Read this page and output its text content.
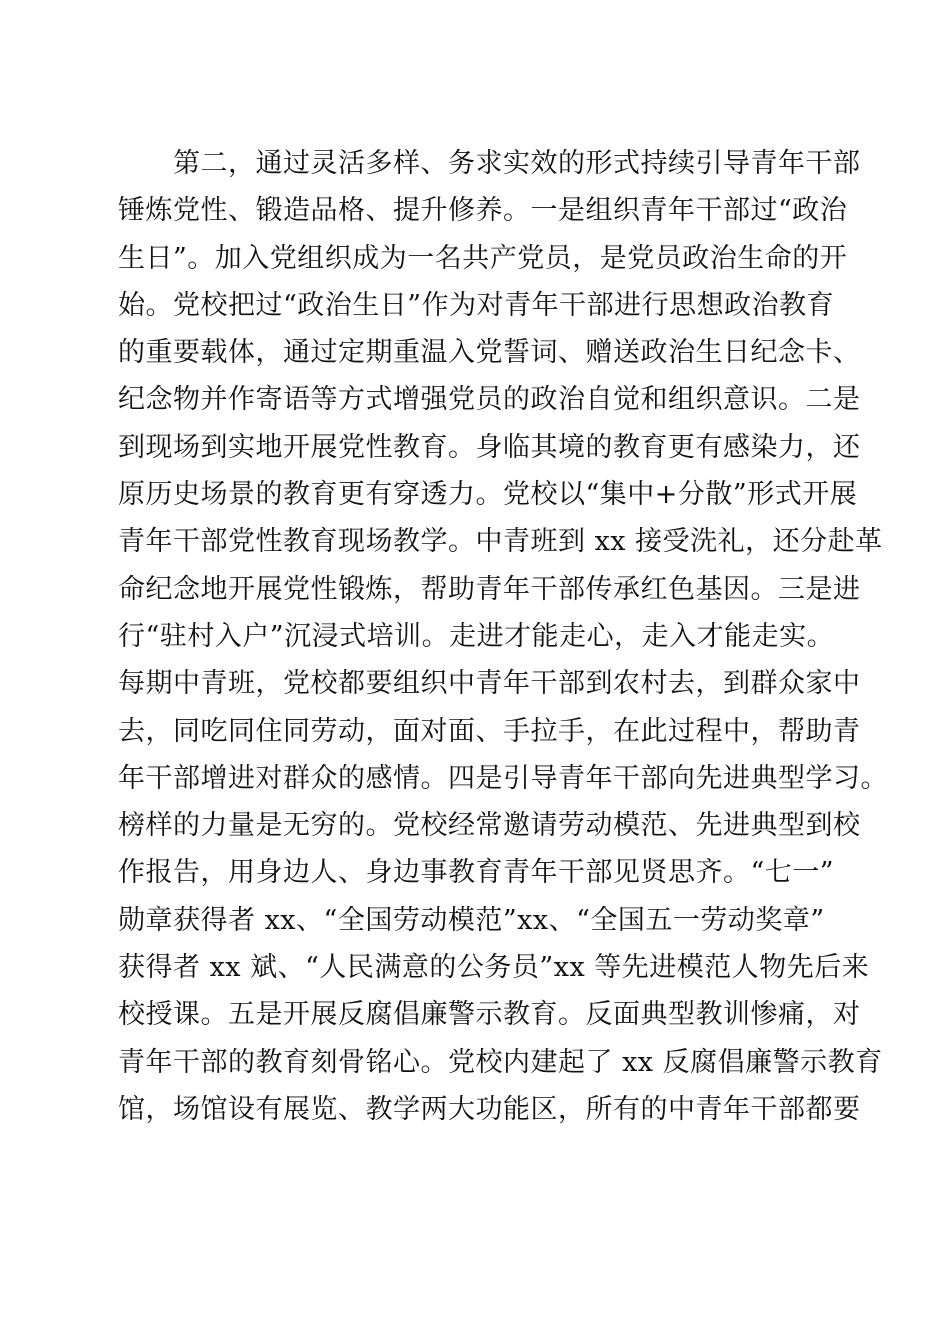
　　第二，通过灵活多样、务求实效的形式持续引导青年干部
锤炼党性、锻造品格、提升修养。一是组织青年干部过“政治
生日”。加入党组织成为一名共产党员，是党员政治生命的开
始。党校把过“政治生日”作为对青年干部进行思想政治教育
的重要载体，通过定期重温入党誓词、赠送政治生日纪念卡、
纪念物并作寄语等方式增强党员的政治自觉和组织意识。二是
到现场到实地开展党性教育。身临其境的教育更有感染力，还
原历史场景的教育更有穿透力。党校以“集中+分散”形式开展
青年干部党性教育现场教学。中青班到 xx 接受洗礼，还分赴革
命纪念地开展党性锻炼，帮助青年干部传承红色基因。三是进
行“驻村入户”沉浸式培训。走进才能走心，走入才能走实。
每期中青班，党校都要组织中青年干部到农村去，到群众家中
去，同吃同住同劳动，面对面、手拉手，在此过程中，帮助青
年干部增进对群众的感情。四是引导青年干部向先进典型学习。
榜样的力量是无穷的。党校经常邀请劳动模范、先进典型到校
作报告，用身边人、身边事教育青年干部见贤思齐。“七一”
勋章获得者 xx、“全国劳动模范”xx、“全国五一劳动奖章”
获得者 xx 斌、“人民满意的公务员”xx 等先进模范人物先后来
校授课。五是开展反腐倡廉警示教育。反面典型教训惨痛，对
青年干部的教育刻骨铭心。党校内建起了 xx 反腐倡廉警示教育
馆，场馆设有展览、教学两大功能区，所有的中青年干部都要
